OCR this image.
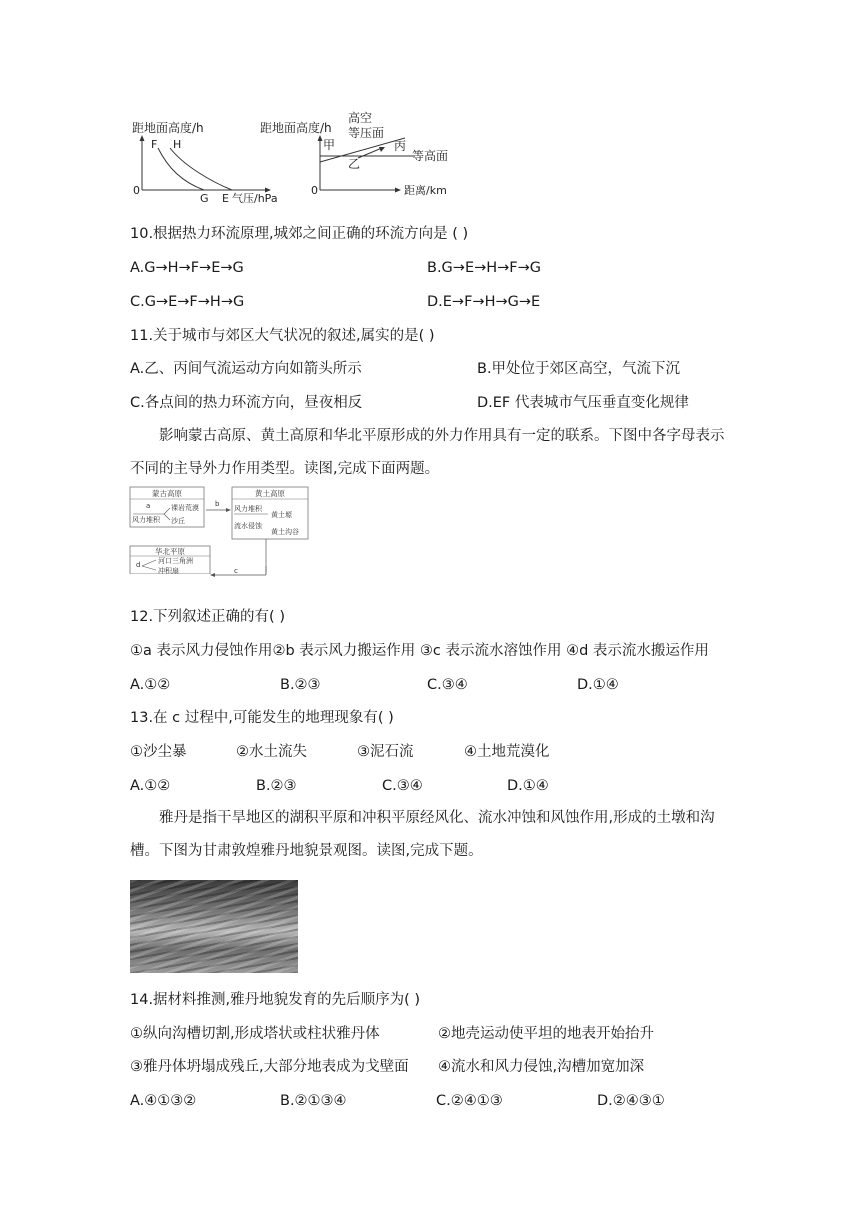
距地面高度/h
0
F H
G E 气压/hPa
距地面高度/h
高空
等压面
0
甲
乙
丙
等高面
距离/km
10.根据热力环流原理,城郊之间正确的环流方向是 ( )
A.G→H→F→E→G	B.G→E→H→F→G
C.G→E→F→H→G	D.E→F→H→G→E
11.关于城市与郊区大气状况的叙述,属实的是( )
A.乙、丙间气流运动方向如箭头所示	B.甲处位于郊区高空，气流下沉
C.各点间的热力环流方向，昼夜相反	D.EF 代表城市气压垂直变化规律
影响蒙古高原、黄土高原和华北平原形成的外力作用具有一定的联系。下图中各字母表示不同的主导外力作用类型。读图,完成下面两题。
蒙古高原
a	裸岩荒漠
风力堆积 沙丘
b
黄土高原
风力堆积
黄土塬
流水侵蚀
黄土沟谷
华北平原
d	河口三角洲
冲积扇	c
12.下列叙述正确的有( )
①a 表示风力侵蚀作用②b 表示风力搬运作用 ③c 表示流水溶蚀作用 ④d 表示流水搬运作用
A.①②	B.②③	C.③④	D.①④
13.在 c 过程中,可能发生的地理现象有( )
①沙尘暴	②水土流失	③泥石流	④土地荒漠化
A.①②	B.②③	C.③④	D.①④
雅丹是指干旱地区的湖积平原和冲积平原经风化、流水冲蚀和风蚀作用,形成的土墩和沟槽。下图为甘肃敦煌雅丹地貌景观图。读图,完成下题。
14.据材料推测,雅丹地貌发育的先后顺序为( )
①纵向沟槽切割,形成塔状或柱状雅丹体	②地壳运动使平坦的地表开始抬升
③雅丹体坍塌成残丘,大部分地表成为戈壁面 ④流水和风力侵蚀,沟槽加宽加深
A.④①③②	B.②①③④	C.②④①③	D.②④③①
